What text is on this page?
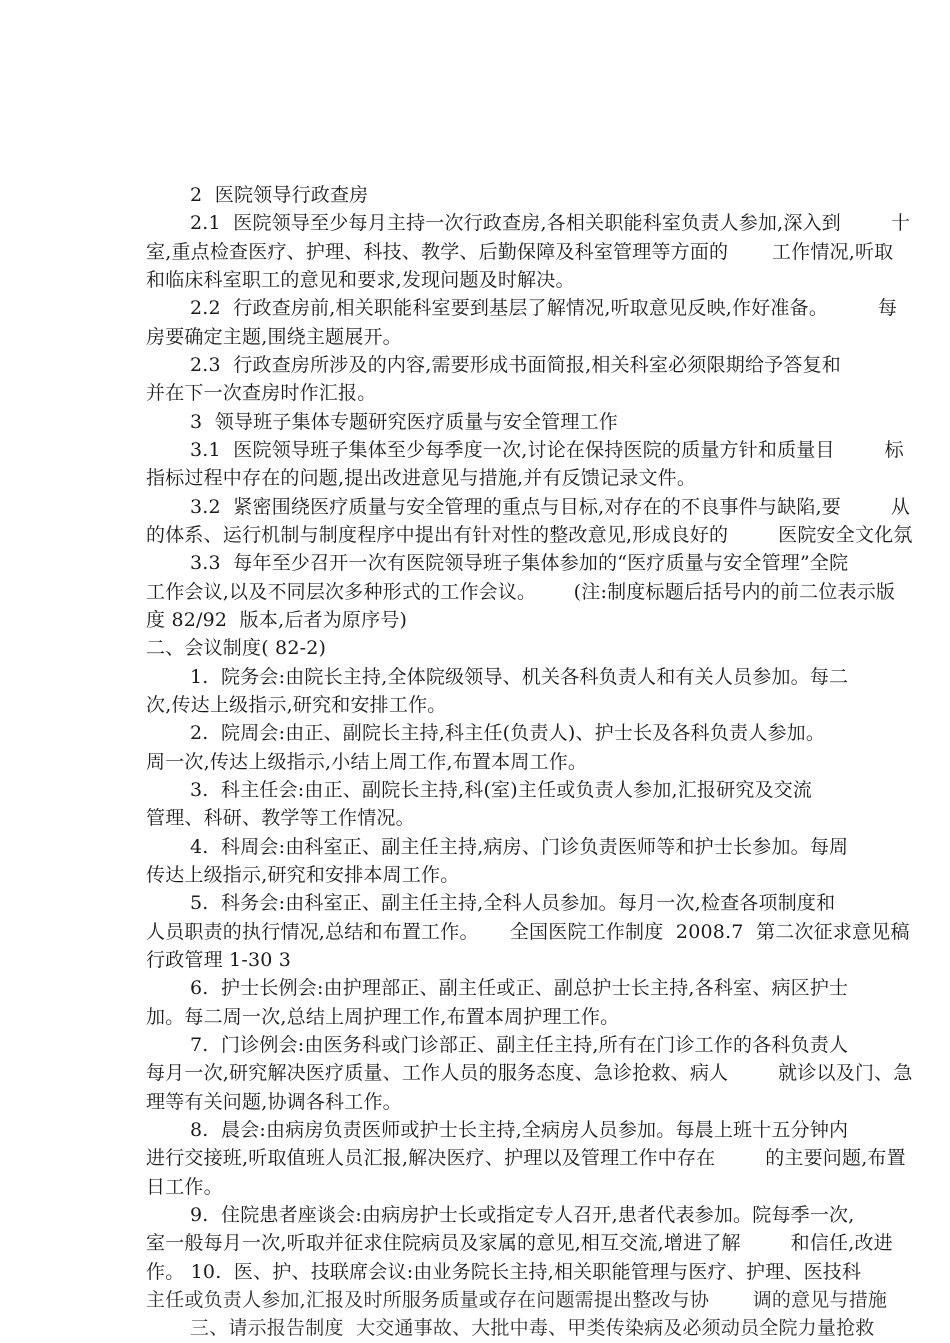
2  医院领导行政查房
2.1  医院领导至少每月主持一次行政查房,各相关职能科室负责人参加,深入到        十
室,重点检查医疗、护理、科技、教学、后勤保障及科室管理等方面的       工作情况,听取
和临床科室职工的意见和要求,发现问题及时解决。
2.2  行政查房前,相关职能科室要到基层了解情况,听取意见反映,作好准备。        每
房要确定主题,围绕主题展开。
2.3  行政查房所涉及的内容,需要形成书面简报,相关科室必须限期给予答复和
并在下一次查房时作汇报。
3  领导班子集体专题研究医疗质量与安全管理工作
3.1  医院领导班子集体至少每季度一次,讨论在保持医院的质量方针和质量目        标
指标过程中存在的问题,提出改进意见与措施,并有反馈记录文件。
3.2  紧密围绕医疗质量与安全管理的重点与目标,对存在的不良事件与缺陷,要        从
的体系、运行机制与制度程序中提出有针对性的整改意见,形成良好的        医院安全文化氛
3.3  每年至少召开一次有医院领导班子集体参加的“医疗质量与安全管理”全院
工作会议,以及不同层次多种形式的工作会议。      (注:制度标题后括号内的前二位表示版
度 82/92  版本,后者为原序号)
二、会议制度( 82-2)
1.  院务会:由院长主持,全体院级领导、机关各科负责人和有关人员参加。每二
次,传达上级指示,研究和安排工作。
2.  院周会:由正、副院长主持,科主任(负责人)、护士长及各科负责人参加。
周一次,传达上级指示,小结上周工作,布置本周工作。
3.  科主任会:由正、副院长主持,科(室)主任或负责人参加,汇报研究及交流
管理、科研、教学等工作情况。
4.  科周会:由科室正、副主任主持,病房、门诊负责医师等和护士长参加。每周
传达上级指示,研究和安排本周工作。
5.  科务会:由科室正、副主任主持,全科人员参加。每月一次,检查各项制度和
人员职责的执行情况,总结和布置工作。     全国医院工作制度  2008.7  第二次征求意见稿
行政管理 1-30 3
6.  护士长例会:由护理部正、副主任或正、副总护士长主持,各科室、病区护士
加。每二周一次,总结上周护理工作,布置本周护理工作。
7.  门诊例会:由医务科或门诊部正、副主任主持,所有在门诊工作的各科负责人
每月一次,研究解决医疗质量、工作人员的服务态度、急诊抢救、病人        就诊以及门、急
理等有关问题,协调各科工作。
8.  晨会:由病房负责医师或护士长主持,全病房人员参加。每晨上班十五分钟内
进行交接班,听取值班人员汇报,解决医疗、护理以及管理工作中存在        的主要问题,布置
日工作。
9.  住院患者座谈会:由病房护士长或指定专人召开,患者代表参加。院每季一次,
室一般每月一次,听取并征求住院病员及家属的意见,相互交流,增进了解        和信任,改进
作。 10.  医、护、技联席会议:由业务院长主持,相关职能管理与医疗、护理、医技科
主任或负责人参加,汇报及时所服务质量或存在问题需提出整改与协       调的意见与措施
三、请示报告制度  大交通事故、大批中毒、甲类传染病及必须动员全院力量抢救
